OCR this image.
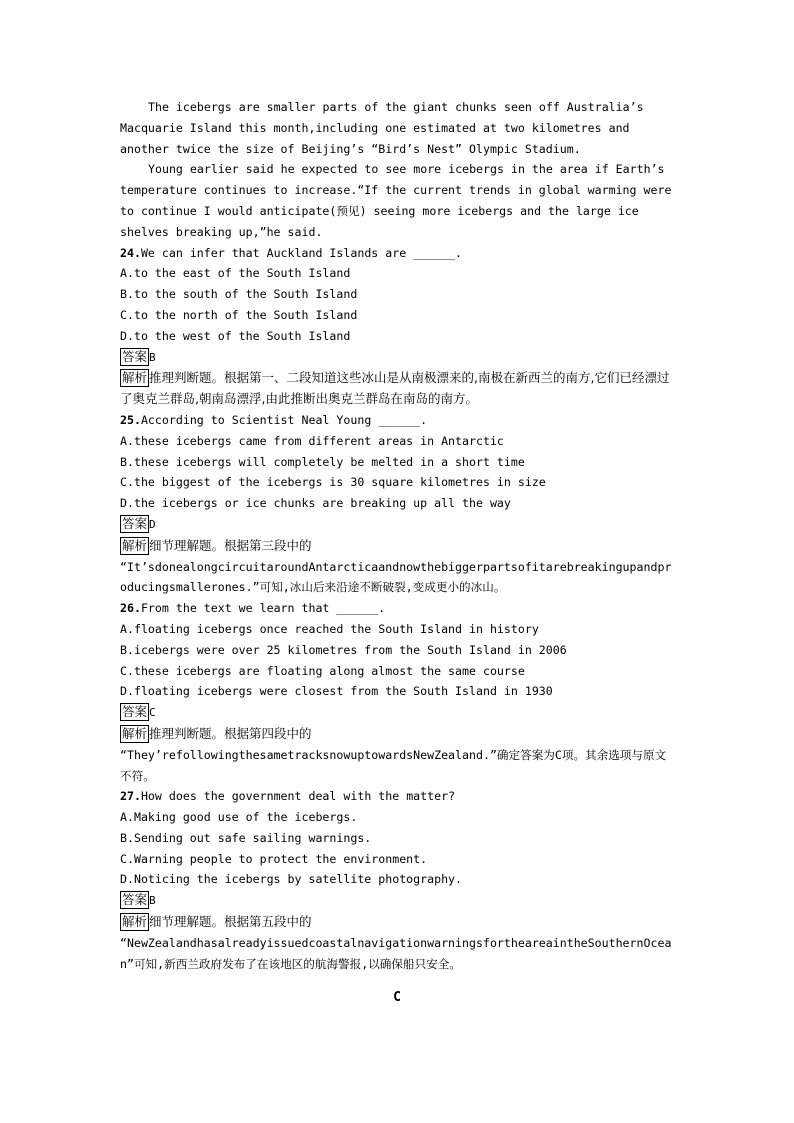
The icebergs are smaller parts of the giant chunks seen off Australia’s Macquarie Island this month,including one estimated at two kilometres and another twice the size of Beijing’s “Bird’s Nest” Olympic Stadium.

Young earlier said he expected to see more icebergs in the area if Earth’s temperature continues to increase.“If the current trends in global warming were to continue I would anticipate(预见) seeing more icebergs and the large ice shelves breaking up,”he said.

24.We can infer that Auckland Islands are ______.

A.to the east of the South Island

B.to the south of the South Island

C.to the north of the South Island

D.to the west of the South Island

答案 B

解析 推理判断题。根据第一、二段知道这些冰山是从南极漂来的,南极在新西兰的南方,它们已经漂过了奥克兰群岛,朝南岛漂浮,由此推断出奥克兰群岛在南岛的南方。

25.According to Scientist Neal Young ______.

A.these icebergs came from different areas in Antarctic

B.these icebergs will completely be melted in a short time

C.the biggest of the icebergs is 30 square kilometres in size

D.the icebergs or ice chunks are breaking up all the way

答案 D

解析 细节理解题。根据第三段中的

“It’sdonealongcircuitaroundAntarcticaandnowthebiggerpartsofitarebreakingupandproducingsmallerones.”可知,冰山后来沿途不断破裂,变成更小的冰山。

26.From the text we learn that ______.

A.floating icebergs once reached the South Island in history

B.icebergs were over 25 kilometres from the South Island in 2006

C.these icebergs are floating along almost the same course

D.floating icebergs were closest from the South Island in 1930

答案 C

解析 推理判断题。根据第四段中的

“They’refollowingthesametracksnowuptowardsNewZealand.”确定答案为C项。其余选项与原文不符。

27.How does the government deal with the matter?

A.Making good use of the icebergs.

B.Sending out safe sailing warnings.

C.Warning people to protect the environment.

D.Noticing the icebergs by satellite photography.

答案 B

解析 细节理解题。根据第五段中的

“NewZealandhasalreadyissuedcoastalnavigationwarningsfortheareaintheSouthernOcean”可知,新西兰政府发布了在该地区的航海警报,以确保船只安全。

C
